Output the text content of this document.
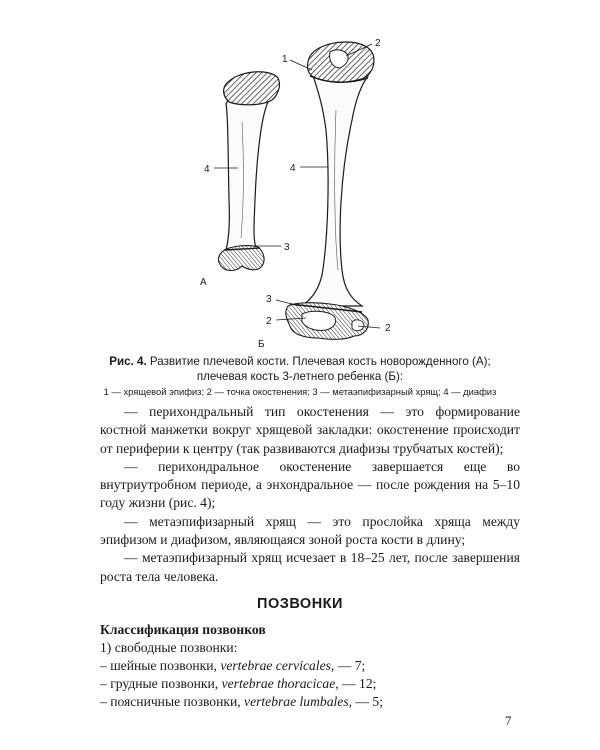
4
3
А
1
2
4
3
2
2
Б

Рис. 4. Развитие плечевой кости. Плечевая кость новорожденного (А);

плечевая кость 3-летнего ребенка (Б):

1 — хрящевой эпифиз; 2 — точка окостенения; 3 — метаэпифизарный хрящ; 4 — диафиз

— перихондральный тип окостенения — это формирование костной манжетки вокруг хрящевой закладки: окостенение происходит от периферии к центру (так развиваются диафизы трубчатых костей);

— перихондральное окостенение завершается еще во внутриутробном периоде, а энхондральное — после рождения на 5–10 году жизни (рис. 4);

— метаэпифизарный хрящ — это прослойка хряща между эпифизом и диафизом, являющаяся зоной роста кости в длину;

— метаэпифизарный хрящ исчезает в 18–25 лет, после завершения роста тела человека.

ПОЗВОНКИ

Классификация позвонков

1) свободные позвонки:

– шейные позвонки, vertebrae cervicales, — 7;

– грудные позвонки, vertebrae thoracicae, — 12;

– поясничные позвонки, vertebrae lumbales, — 5;

7
